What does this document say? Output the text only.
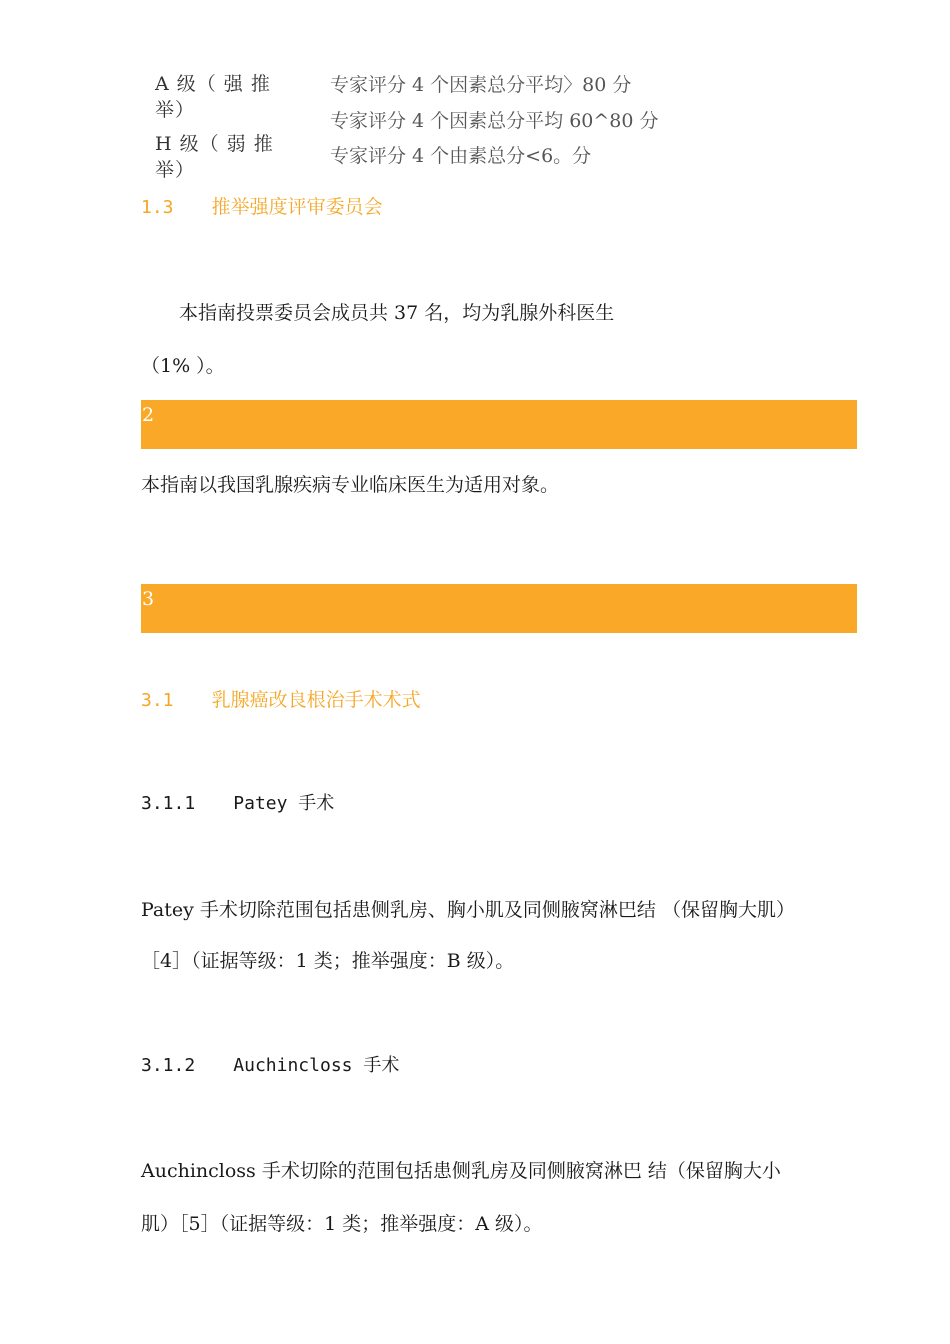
A 级（ 强 推 举）
专家评分 4 个因素总分平均〉80 分
专家评分 4 个因素总分平均 60^80 分
H 级（ 弱 推 举）
专家评分 4 个由素总分<6。分
1.3 推举强度评审委员会
本指南投票委员会成员共 37 名，均为乳腺外科医生
（1% ）。
2
本指南以我国乳腺疾病专业临床医生为适用对象。
3
3.1 乳腺癌改良根治手术术式
3.1.1 Patey 手术
Patey 手术切除范围包括患侧乳房、胸小肌及同侧腋窝淋巴结 （保留胸大肌）
［4］（证据等级：1 类；推举强度：B 级）。
3.1.2 Auchincloss 手术
Auchincloss 手术切除的范围包括患侧乳房及同侧腋窝淋巴 结（保留胸大小
肌）［5］（证据等级：1 类；推举强度：A 级）。
